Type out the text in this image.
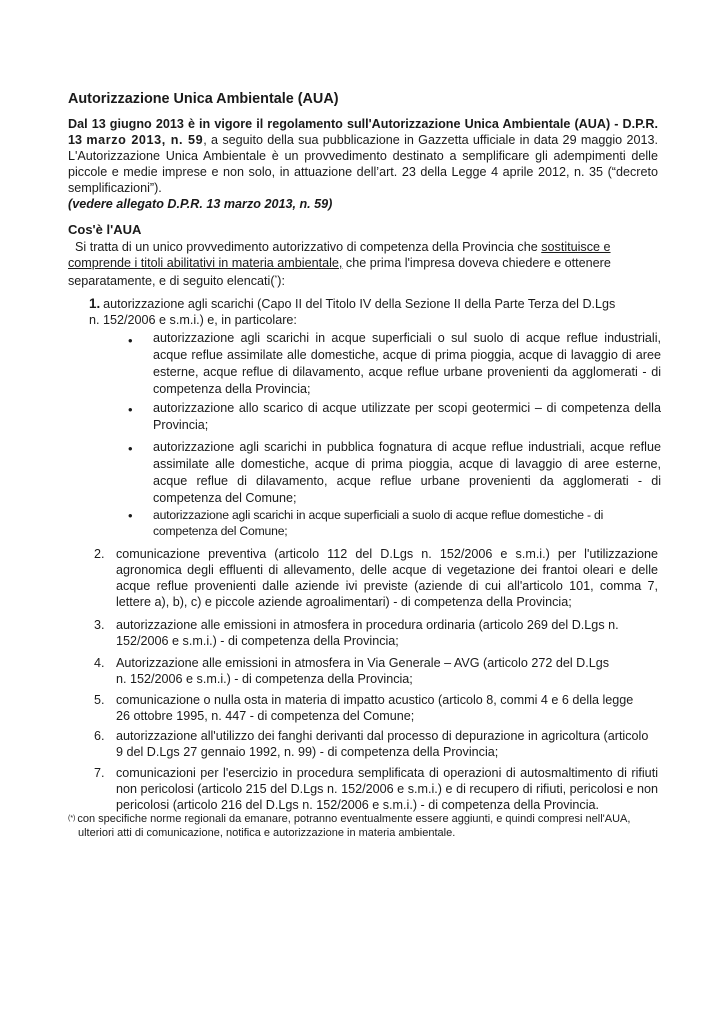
Autorizzazione Unica Ambientale (AUA)

Dal 13 giugno 2013 è in vigore il regolamento sull'Autorizzazione Unica Ambientale (AUA) - D.P.R. 13 marzo 2013, n. 59, a seguito della sua pubblicazione in Gazzetta ufficiale in data 29 maggio 2013. L'Autorizzazione Unica Ambientale è un provvedimento destinato a semplificare gli adempimenti delle piccole e medie imprese e non solo, in attuazione dell’art. 23 della Legge 4 aprile 2012, n. 35 (“decreto semplificazioni”).
(vedere allegato D.P.R. 13 marzo 2013, n. 59)

Cos'è l'AUA

Si tratta di un unico provvedimento autorizzativo di competenza della Provincia che sostituisce e comprende i titoli abilitativi in materia ambientale, che prima l'impresa doveva chiedere e ottenere separatamente, e di seguito elencati(*):

1. autorizzazione agli scarichi (Capo II del Titolo IV della Sezione II della Parte Terza del D.Lgs n. 152/2006 e s.m.i.) e, in particolare:

• autorizzazione agli scarichi in acque superficiali o sul suolo di acque reflue industriali, acque reflue assimilate alle domestiche, acque di prima pioggia, acque di lavaggio di aree esterne, acque reflue di dilavamento, acque reflue urbane provenienti da agglomerati - di competenza della Provincia;

• autorizzazione allo scarico di acque utilizzate per scopi geotermici – di competenza della Provincia;

• autorizzazione agli scarichi in pubblica fognatura di acque reflue industriali, acque reflue assimilate alle domestiche, acque di prima pioggia, acque di lavaggio di aree esterne, acque reflue di dilavamento, acque reflue urbane provenienti da agglomerati - di competenza del Comune;

• autorizzazione agli scarichi in acque superficiali a suolo di acque reflue domestiche - di competenza del Comune;

2. comunicazione preventiva (articolo 112 del D.Lgs n. 152/2006 e s.m.i.) per l'utilizzazione agronomica degli effluenti di allevamento, delle acque di vegetazione dei frantoi oleari e delle acque reflue provenienti dalle aziende ivi previste (aziende di cui all'articolo 101, comma 7, lettere a), b), c) e piccole aziende agroalimentari) - di competenza della Provincia;

3. autorizzazione alle emissioni in atmosfera in procedura ordinaria (articolo 269 del D.Lgs n. 152/2006 e s.m.i.) - di competenza della Provincia;

4. Autorizzazione alle emissioni in atmosfera in Via Generale – AVG (articolo 272 del D.Lgs n. 152/2006 e s.m.i.) - di competenza della Provincia;

5. comunicazione o nulla osta in materia di impatto acustico (articolo 8, commi 4 e 6 della legge 26 ottobre 1995, n. 447 - di competenza del Comune;

6. autorizzazione all'utilizzo dei fanghi derivanti dal processo di depurazione in agricoltura (articolo 9 del D.Lgs 27 gennaio 1992, n. 99) - di competenza della Provincia;

7. comunicazioni per l'esercizio in procedura semplificata di operazioni di autosmaltimento di rifiuti non pericolosi (articolo 215 del D.Lgs n. 152/2006 e s.m.i.) e di recupero di rifiuti, pericolosi e non pericolosi (articolo 216 del D.Lgs n. 152/2006 e s.m.i.) - di competenza della Provincia.

(*) con specifiche norme regionali da emanare, potranno eventualmente essere aggiunti, e quindi compresi nell'AUA,
ulteriori atti di comunicazione, notifica e autorizzazione in materia ambientale.
